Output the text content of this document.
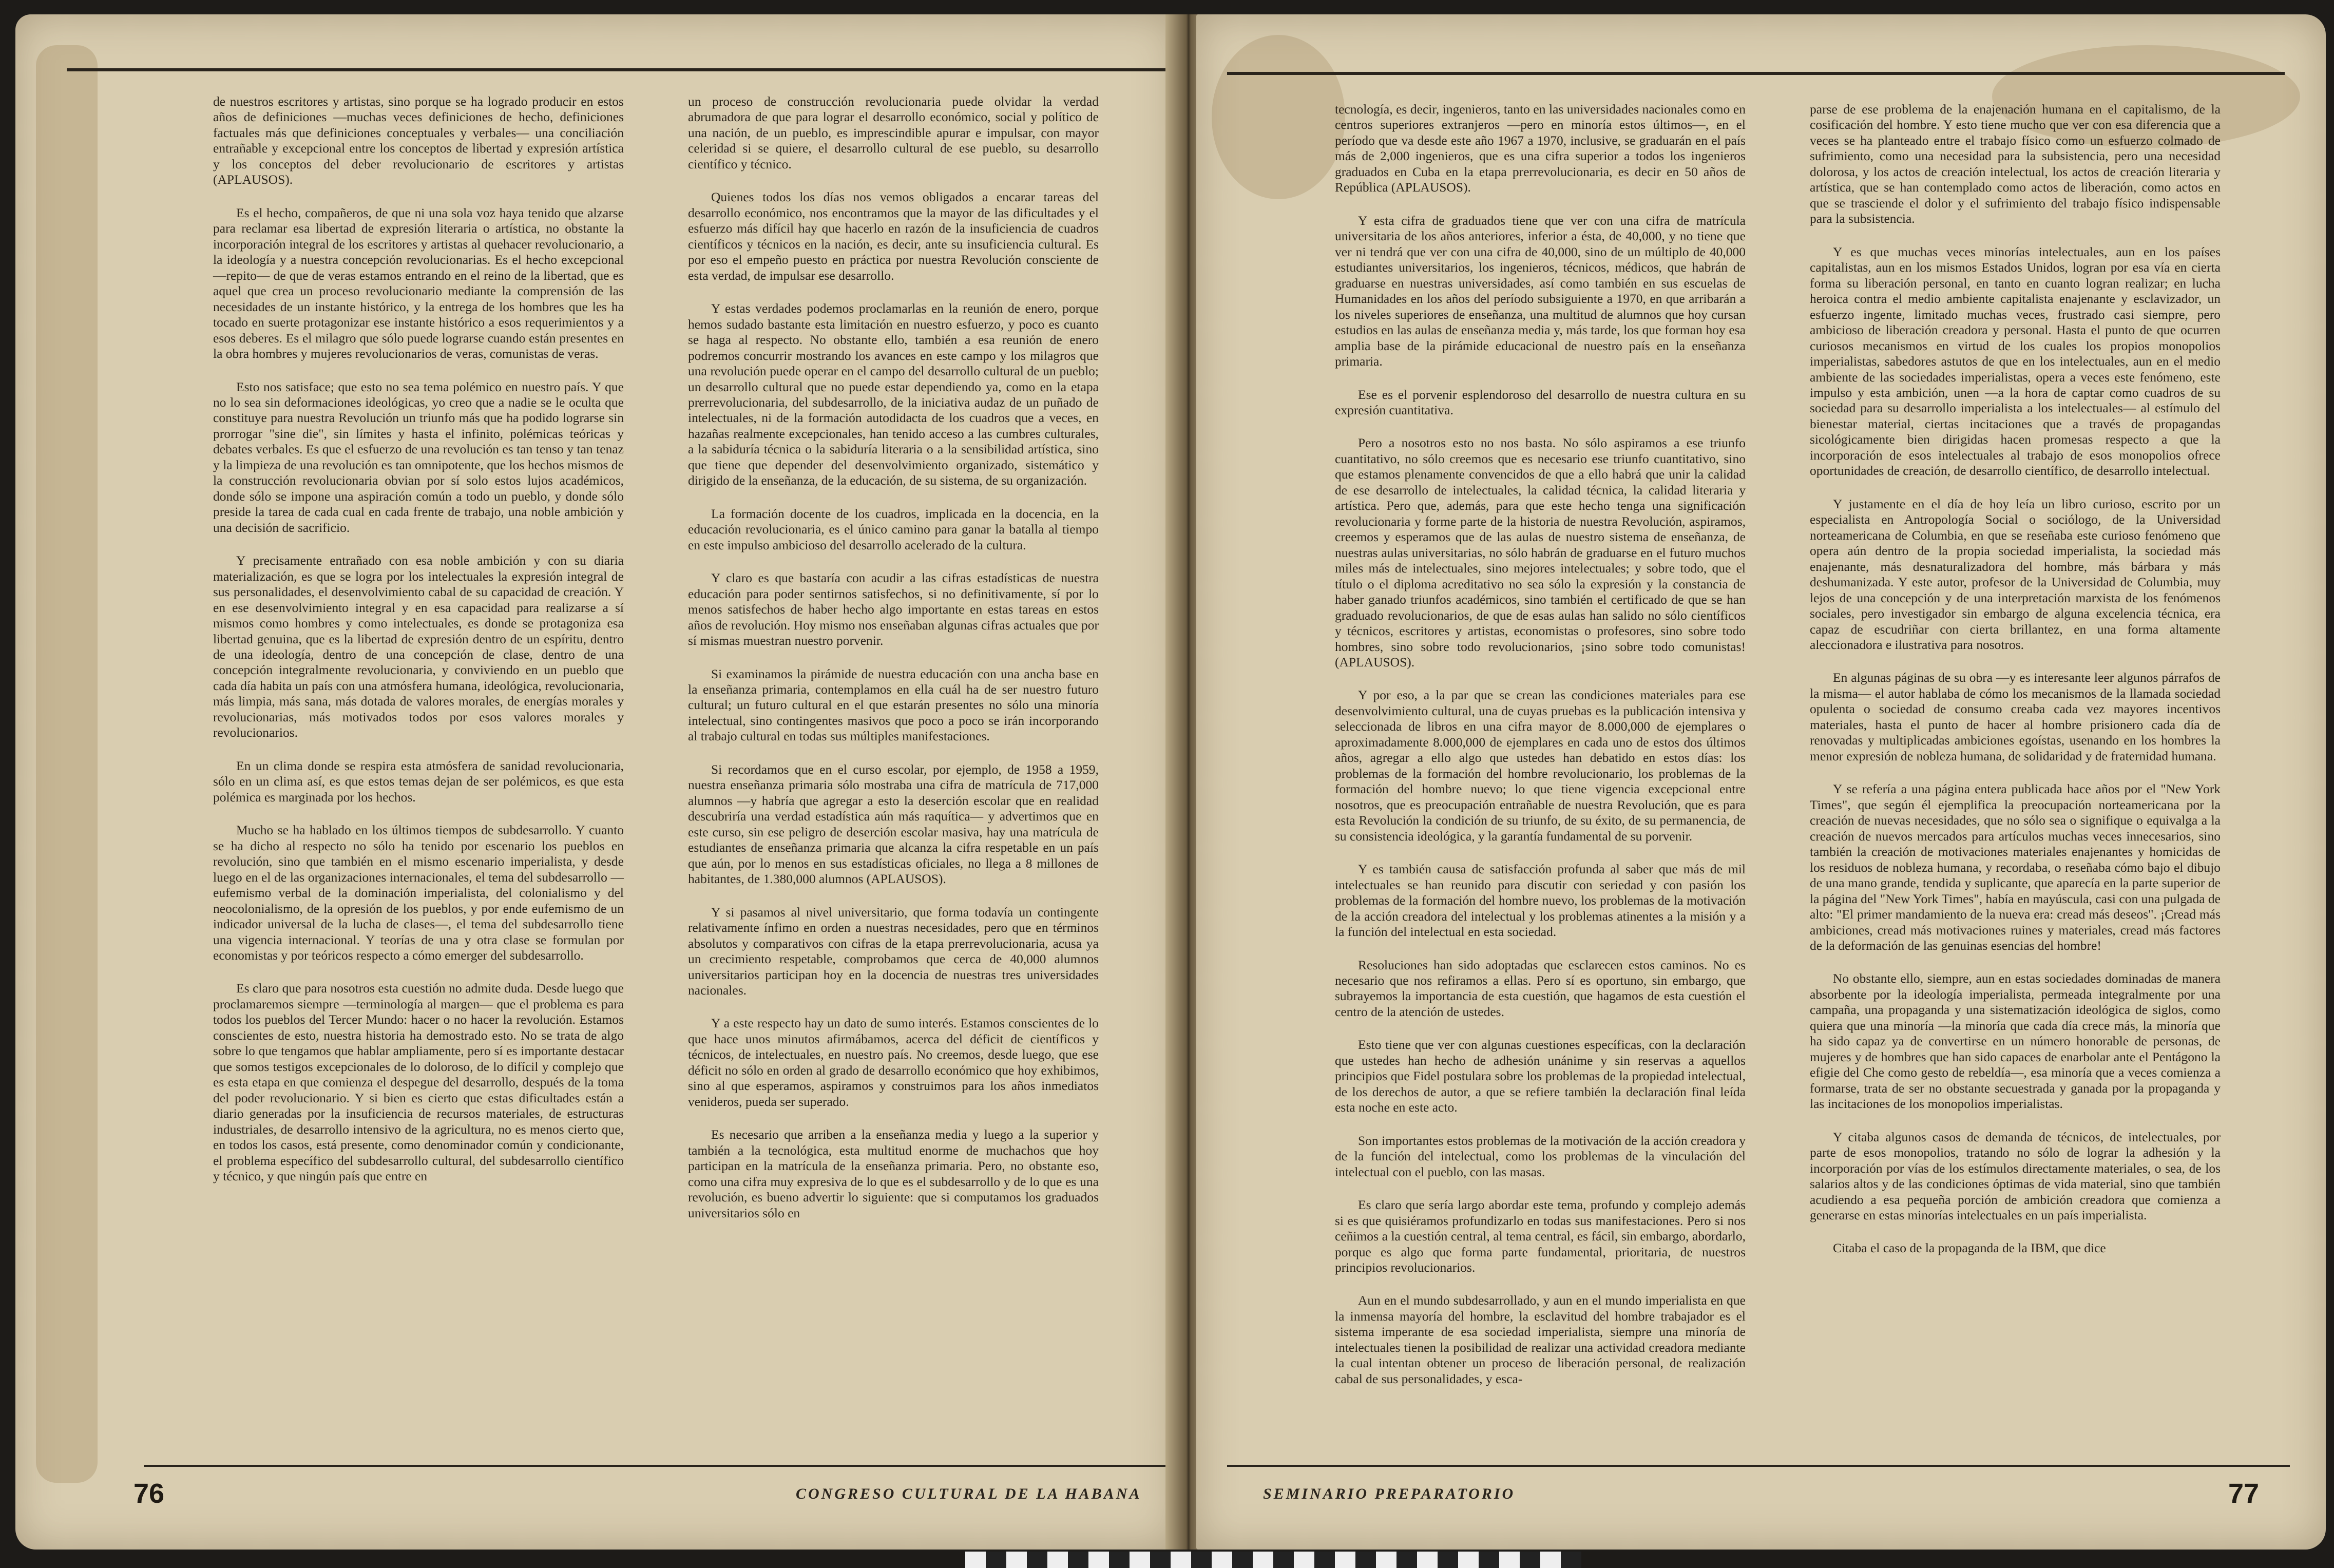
de nuestros escritores y artistas, sino porque se ha logrado producir en estos años de definiciones —muchas veces definiciones de hecho, definiciones factuales más que definiciones conceptuales y verbales— una conciliación entrañable y excepcional entre los conceptos de libertad y expresión artística y los conceptos del deber revolucionario de escritores y artistas (APLAUSOS).

Es el hecho, compañeros, de que ni una sola voz haya tenido que alzarse para reclamar esa libertad de expresión literaria o artística, no obstante la incorporación integral de los escritores y artistas al quehacer revolucionario, a la ideología y a nuestra concepción revolucionarias. Es el hecho excepcional —repito— de que de veras estamos entrando en el reino de la libertad, que es aquel que crea un proceso revolucionario mediante la comprensión de las necesidades de un instante histórico, y la entrega de los hombres que les ha tocado en suerte protagonizar ese instante histórico a esos requerimientos y a esos deberes. Es el milagro que sólo puede lograrse cuando están presentes en la obra hombres y mujeres revolucionarios de veras, comunistas de veras.

Esto nos satisface; que esto no sea tema polémico en nuestro país. Y que no lo sea sin deformaciones ideológicas, yo creo que a nadie se le oculta que constituye para nuestra Revolución un triunfo más que ha podido lograrse sin prorrogar "sine die", sin límites y hasta el infinito, polémicas teóricas y debates verbales. Es que el esfuerzo de una revolución es tan tenso y tan tenaz y la limpieza de una revolución es tan omnipotente, que los hechos mismos de la construcción revolucionaria obvian por sí solo estos lujos académicos, donde sólo se impone una aspiración común a todo un pueblo, y donde sólo preside la tarea de cada cual en cada frente de trabajo, una noble ambición y una decisión de sacrificio.

Y precisamente entrañado con esa noble ambición y con su diaria materialización, es que se logra por los intelectuales la expresión integral de sus personalidades, el desenvolvimiento cabal de su capacidad de creación. Y en ese desenvolvimiento integral y en esa capacidad para realizarse a sí mismos como hombres y como intelectuales, es donde se protagoniza esa libertad genuina, que es la libertad de expresión dentro de un espíritu, dentro de una ideología, dentro de una concepción de clase, dentro de una concepción integralmente revolucionaria, y conviviendo en un pueblo que cada día habita un país con una atmósfera humana, ideológica, revolucionaria, más limpia, más sana, más dotada de valores morales, de energías morales y revolucionarias, más motivados todos por esos valores morales y revolucionarios.

En un clima donde se respira esta atmósfera de sanidad revolucionaria, sólo en un clima así, es que estos temas dejan de ser polémicos, es que esta polémica es marginada por los hechos.

Mucho se ha hablado en los últimos tiempos de subdesarrollo. Y cuanto se ha dicho al respecto no sólo ha tenido por escenario los pueblos en revolución, sino que también en el mismo escenario imperialista, y desde luego en el de las organizaciones internacionales, el tema del subdesarrollo —eufemismo verbal de la dominación imperialista, del colonialismo y del neocolonialismo, de la opresión de los pueblos, y por ende eufemismo de un indicador universal de la lucha de clases—, el tema del subdesarrollo tiene una vigencia internacional. Y teorías de una y otra clase se formulan por economistas y por teóricos respecto a cómo emerger del subdesarrollo.

Es claro que para nosotros esta cuestión no admite duda. Desde luego que proclamaremos siempre —terminología al margen— que el problema es para todos los pueblos del Tercer Mundo: hacer o no hacer la revolución. Estamos conscientes de esto, nuestra historia ha demostrado esto. No se trata de algo sobre lo que tengamos que hablar ampliamente, pero sí es importante destacar que somos testigos excepcionales de lo doloroso, de lo difícil y complejo que es esta etapa en que comienza el despegue del desarrollo, después de la toma del poder revolucionario. Y si bien es cierto que estas dificultades están a diario generadas por la insuficiencia de recursos materiales, de estructuras industriales, de desarrollo intensivo de la agricultura, no es menos cierto que, en todos los casos, está presente, como denominador común y condicionante, el problema específico del subdesarrollo cultural, del subdesarrollo científico y técnico, y que ningún país que entre en

un proceso de construcción revolucionaria puede olvidar la verdad abrumadora de que para lograr el desarrollo económico, social y político de una nación, de un pueblo, es imprescindible apurar e impulsar, con mayor celeridad si se quiere, el desarrollo cultural de ese pueblo, su desarrollo científico y técnico.

Quienes todos los días nos vemos obligados a encarar tareas del desarrollo económico, nos encontramos que la mayor de las dificultades y el esfuerzo más difícil hay que hacerlo en razón de la insuficiencia de cuadros científicos y técnicos en la nación, es decir, ante su insuficiencia cultural. Es por eso el empeño puesto en práctica por nuestra Revolución consciente de esta verdad, de impulsar ese desarrollo.

Y estas verdades podemos proclamarlas en la reunión de enero, porque hemos sudado bastante esta limitación en nuestro esfuerzo, y poco es cuanto se haga al respecto. No obstante ello, también a esa reunión de enero podremos concurrir mostrando los avances en este campo y los milagros que una revolución puede operar en el campo del desarrollo cultural de un pueblo; un desarrollo cultural que no puede estar dependiendo ya, como en la etapa prerrevolucionaria, del subdesarrollo, de la iniciativa audaz de un puñado de intelectuales, ni de la formación autodidacta de los cuadros que a veces, en hazañas realmente excepcionales, han tenido acceso a las cumbres culturales, a la sabiduría técnica o la sabiduría literaria o a la sensibilidad artística, sino que tiene que depender del desenvolvimiento organizado, sistemático y dirigido de la enseñanza, de la educación, de su sistema, de su organización.

La formación docente de los cuadros, implicada en la docencia, en la educación revolucionaria, es el único camino para ganar la batalla al tiempo en este impulso ambicioso del desarrollo acelerado de la cultura.

Y claro es que bastaría con acudir a las cifras estadísticas de nuestra educación para poder sentirnos satisfechos, si no definitivamente, sí por lo menos satisfechos de haber hecho algo importante en estas tareas en estos años de revolución. Hoy mismo nos enseñaban algunas cifras actuales que por sí mismas muestran nuestro porvenir.

Si examinamos la pirámide de nuestra educación con una ancha base en la enseñanza primaria, contemplamos en ella cuál ha de ser nuestro futuro cultural; un futuro cultural en el que estarán presentes no sólo una minoría intelectual, sino contingentes masivos que poco a poco se irán incorporando al trabajo cultural en todas sus múltiples manifestaciones.

Si recordamos que en el curso escolar, por ejemplo, de 1958 a 1959, nuestra enseñanza primaria sólo mostraba una cifra de matrícula de 717,000 alumnos —y habría que agregar a esto la deserción escolar que en realidad descubriría una verdad estadística aún más raquítica— y advertimos que en este curso, sin ese peligro de deserción escolar masiva, hay una matrícula de estudiantes de enseñanza primaria que alcanza la cifra respetable en un país que aún, por lo menos en sus estadísticas oficiales, no llega a 8 millones de habitantes, de 1.380,000 alumnos (APLAUSOS).

Y si pasamos al nivel universitario, que forma todavía un contingente relativamente ínfimo en orden a nuestras necesidades, pero que en términos absolutos y comparativos con cifras de la etapa prerrevolucionaria, acusa ya un crecimiento respetable, comprobamos que cerca de 40,000 alumnos universitarios participan hoy en la docencia de nuestras tres universidades nacionales.

Y a este respecto hay un dato de sumo interés. Estamos conscientes de lo que hace unos minutos afirmábamos, acerca del déficit de científicos y técnicos, de intelectuales, en nuestro país. No creemos, desde luego, que ese déficit no sólo en orden al grado de desarrollo económico que hoy exhibimos, sino al que esperamos, aspiramos y construimos para los años inmediatos venideros, pueda ser superado.

Es necesario que arriben a la enseñanza media y luego a la superior y también a la tecnológica, esta multitud enorme de muchachos que hoy participan en la matrícula de la enseñanza primaria. Pero, no obstante eso, como una cifra muy expresiva de lo que es el subdesarrollo y de lo que es una revolución, es bueno advertir lo siguiente: que si computamos los graduados universitarios sólo en

76	CONGRESO CULTURAL DE LA HABANA

tecnología, es decir, ingenieros, tanto en las universidades nacionales como en centros superiores extranjeros —pero en minoría estos últimos—, en el período que va desde este año 1967 a 1970, inclusive, se graduarán en el país más de 2,000 ingenieros, que es una cifra superior a todos los ingenieros graduados en Cuba en la etapa prerrevolucionaria, es decir en 50 años de República (APLAUSOS).

Y esta cifra de graduados tiene que ver con una cifra de matrícula universitaria de los años anteriores, inferior a ésta, de 40,000, y no tiene que ver ni tendrá que ver con una cifra de 40,000, sino de un múltiplo de 40,000 estudiantes universitarios, los ingenieros, técnicos, médicos, que habrán de graduarse en nuestras universidades, así como también en sus escuelas de Humanidades en los años del período subsiguiente a 1970, en que arribarán a los niveles superiores de enseñanza, una multitud de alumnos que hoy cursan estudios en las aulas de enseñanza media y, más tarde, los que forman hoy esa amplia base de la pirámide educacional de nuestro país en la enseñanza primaria.

Ese es el porvenir esplendoroso del desarrollo de nuestra cultura en su expresión cuantitativa.

Pero a nosotros esto no nos basta. No sólo aspiramos a ese triunfo cuantitativo, no sólo creemos que es necesario ese triunfo cuantitativo, sino que estamos plenamente convencidos de que a ello habrá que unir la calidad de ese desarrollo de intelectuales, la calidad técnica, la calidad literaria y artística. Pero que, además, para que este hecho tenga una significación revolucionaria y forme parte de la historia de nuestra Revolución, aspiramos, creemos y esperamos que de las aulas de nuestro sistema de enseñanza, de nuestras aulas universitarias, no sólo habrán de graduarse en el futuro muchos miles más de intelectuales, sino mejores intelectuales; y sobre todo, que el título o el diploma acreditativo no sea sólo la expresión y la constancia de haber ganado triunfos académicos, sino también el certificado de que se han graduado revolucionarios, de que de esas aulas han salido no sólo científicos y técnicos, escritores y artistas, economistas o profesores, sino sobre todo hombres, sino sobre todo revolucionarios, ¡sino sobre todo comunistas! (APLAUSOS).

Y por eso, a la par que se crean las condiciones materiales para ese desenvolvimiento cultural, una de cuyas pruebas es la publicación intensiva y seleccionada de libros en una cifra mayor de 8.000,000 de ejemplares o aproximadamente 8.000,000 de ejemplares en cada uno de estos dos últimos años, agregar a ello algo que ustedes han debatido en estos días: los problemas de la formación del hombre revolucionario, los problemas de la formación del hombre nuevo; lo que tiene vigencia excepcional entre nosotros, que es preocupación entrañable de nuestra Revolución, que es para esta Revolución la condición de su triunfo, de su éxito, de su permanencia, de su consistencia ideológica, y la garantía fundamental de su porvenir.

Y es también causa de satisfacción profunda al saber que más de mil intelectuales se han reunido para discutir con seriedad y con pasión los problemas de la formación del hombre nuevo, los problemas de la motivación de la acción creadora del intelectual y los problemas atinentes a la misión y a la función del intelectual en esta sociedad.

Resoluciones han sido adoptadas que esclarecen estos caminos. No es necesario que nos refiramos a ellas. Pero sí es oportuno, sin embargo, que subrayemos la importancia de esta cuestión, que hagamos de esta cuestión el centro de la atención de ustedes.

Esto tiene que ver con algunas cuestiones específicas, con la declaración que ustedes han hecho de adhesión unánime y sin reservas a aquellos principios que Fidel postulara sobre los problemas de la propiedad intelectual, de los derechos de autor, a que se refiere también la declaración final leída esta noche en este acto.

Son importantes estos problemas de la motivación de la acción creadora y de la función del intelectual, como los problemas de la vinculación del intelectual con el pueblo, con las masas.

Es claro que sería largo abordar este tema, profundo y complejo además si es que quisiéramos profundizarlo en todas sus manifestaciones. Pero si nos ceñimos a la cuestión central, al tema central, es fácil, sin embargo, abordarlo, porque es algo que forma parte fundamental, prioritaria, de nuestros principios revolucionarios.

Aun en el mundo subdesarrollado, y aun en el mundo imperialista en que la inmensa mayoría del hombre, la esclavitud del hombre trabajador es el sistema imperante de esa sociedad imperialista, siempre una minoría de intelectuales tienen la posibilidad de realizar una actividad creadora mediante la cual intentan obtener un proceso de liberación personal, de realización cabal de sus personalidades, y esca-

parse de ese problema de la enajenación humana en el capitalismo, de la cosificación del hombre. Y esto tiene mucho que ver con esa diferencia que a veces se ha planteado entre el trabajo físico como un esfuerzo colmado de sufrimiento, como una necesidad para la subsistencia, pero una necesidad dolorosa, y los actos de creación intelectual, los actos de creación literaria y artística, que se han contemplado como actos de liberación, como actos en que se trasciende el dolor y el sufrimiento del trabajo físico indispensable para la subsistencia.

Y es que muchas veces minorías intelectuales, aun en los países capitalistas, aun en los mismos Estados Unidos, logran por esa vía en cierta forma su liberación personal, en tanto en cuanto logran realizar; en lucha heroica contra el medio ambiente capitalista enajenante y esclavizador, un esfuerzo ingente, limitado muchas veces, frustrado casi siempre, pero ambicioso de liberación creadora y personal. Hasta el punto de que ocurren curiosos mecanismos en virtud de los cuales los propios monopolios imperialistas, sabedores astutos de que en los intelectuales, aun en el medio ambiente de las sociedades imperialistas, opera a veces este fenómeno, este impulso y esta ambición, unen —a la hora de captar como cuadros de su sociedad para su desarrollo imperialista a los intelectuales— al estímulo del bienestar material, ciertas incitaciones que a través de propagandas sicológicamente bien dirigidas hacen promesas respecto a que la incorporación de esos intelectuales al trabajo de esos monopolios ofrece oportunidades de creación, de desarrollo científico, de desarrollo intelectual.

Y justamente en el día de hoy leía un libro curioso, escrito por un especialista en Antropología Social o sociólogo, de la Universidad norteamericana de Columbia, en que se reseñaba este curioso fenómeno que opera aún dentro de la propia sociedad imperialista, la sociedad más enajenante, más desnaturalizadora del hombre, más bárbara y más deshumanizada. Y este autor, profesor de la Universidad de Columbia, muy lejos de una concepción y de una interpretación marxista de los fenómenos sociales, pero investigador sin embargo de alguna excelencia técnica, era capaz de escudriñar con cierta brillantez, en una forma altamente aleccionadora e ilustrativa para nosotros.

En algunas páginas de su obra —y es interesante leer algunos párrafos de la misma— el autor hablaba de cómo los mecanismos de la llamada sociedad opulenta o sociedad de consumo creaba cada vez mayores incentivos materiales, hasta el punto de hacer al hombre prisionero cada día de renovadas y multiplicadas ambiciones egoístas, usenando en los hombres la menor expresión de nobleza humana, de solidaridad y de fraternidad humana.

Y se refería a una página entera publicada hace años por el "New York Times", que según él ejemplifica la preocupación norteamericana por la creación de nuevas necesidades, que no sólo sea o signifique o equivalga a la creación de nuevos mercados para artículos muchas veces innecesarios, sino también la creación de motivaciones materiales enajenantes y homicidas de los residuos de nobleza humana, y recordaba, o reseñaba cómo bajo el dibujo de una mano grande, tendida y suplicante, que aparecía en la parte superior de la página del "New York Times", había en mayúscula, casi con una pulgada de alto: "El primer mandamiento de la nueva era: cread más deseos". ¡Cread más ambiciones, cread más motivaciones ruines y materiales, cread más factores de la deformación de las genuinas esencias del hombre!

No obstante ello, siempre, aun en estas sociedades dominadas de manera absorbente por la ideología imperialista, permeada integralmente por una campaña, una propaganda y una sistematización ideológica de siglos, como quiera que una minoría —la minoría que cada día crece más, la minoría que ha sido capaz ya de convertirse en un número honorable de personas, de mujeres y de hombres que han sido capaces de enarbolar ante el Pentágono la efigie del Che como gesto de rebeldía—, esa minoría que a veces comienza a formarse, trata de ser no obstante secuestrada y ganada por la propaganda y las incitaciones de los monopolios imperialistas.

Y citaba algunos casos de demanda de técnicos, de intelectuales, por parte de esos monopolios, tratando no sólo de lograr la adhesión y la incorporación por vías de los estímulos directamente materiales, o sea, de los salarios altos y de las condiciones óptimas de vida material, sino que también acudiendo a esa pequeña porción de ambición creadora que comienza a generarse en estas minorías intelectuales en un país imperialista.

Citaba el caso de la propaganda de la IBM, que dice

SEMINARIO PREPARATORIO	77
